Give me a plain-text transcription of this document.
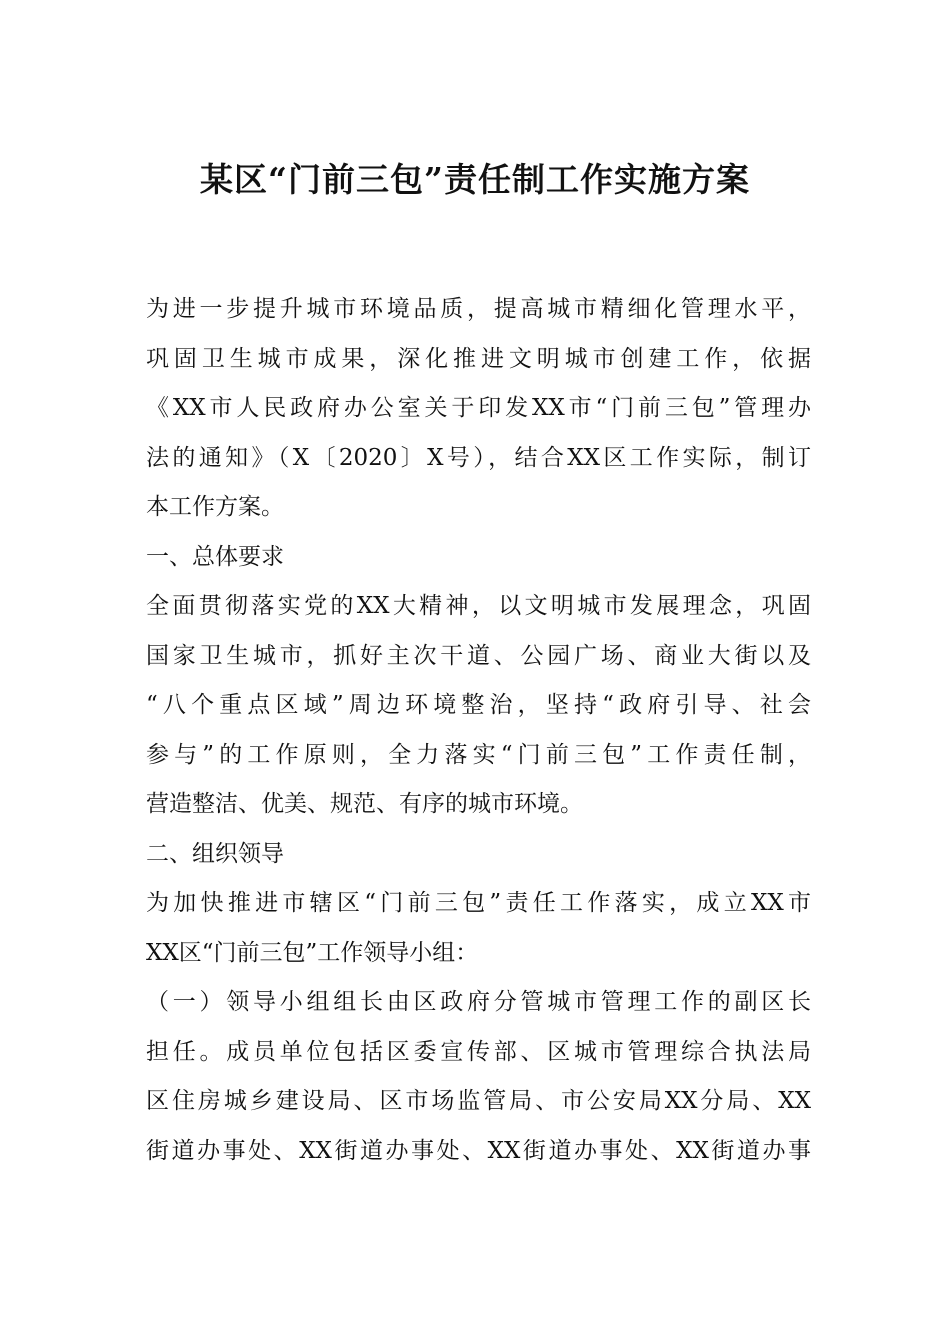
某区“门前三包”责任制工作实施方案
为进一步提升城市环境品质，提高城市精细化管理水平，
巩固卫生城市成果，深化推进文明城市创建工作，依据
《XX市人民政府办公室关于印发XX市“门前三包”管理办
法的通知》（X〔2020〕X号），结合XX区工作实际，制订
本工作方案。
一、总体要求
全面贯彻落实党的XX大精神，以文明城市发展理念，巩固
国家卫生城市，抓好主次干道、公园广场、商业大街以及
“八个重点区域”周边环境整治，坚持“政府引导、社会
参与”的工作原则，全力落实“门前三包”工作责任制，
营造整洁、优美、规范、有序的城市环境。
二、组织领导
为加快推进市辖区“门前三包”责任工作落实，成立XX市
XX区“门前三包”工作领导小组：
（一）领导小组组长由区政府分管城市管理工作的副区长
担任。成员单位包括区委宣传部、区城市管理综合执法局
区住房城乡建设局、区市场监管局、市公安局XX分局、XX
街道办事处、XX街道办事处、XX街道办事处、XX街道办事
